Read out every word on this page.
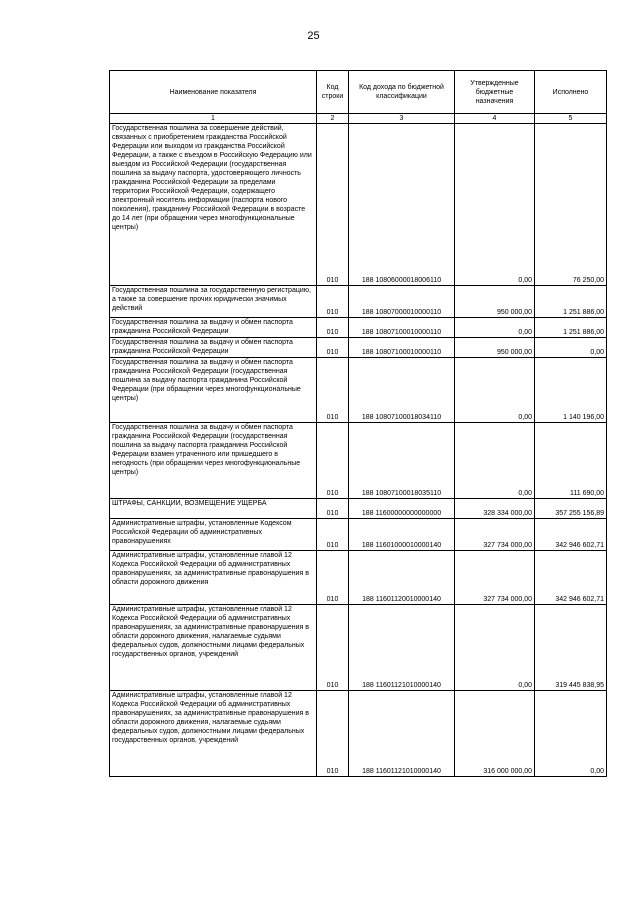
25
Наименование показателя	Код строки	Код дохода по бюджетной классификации	Утвержденные бюджетные назначения	Исполнено
1	2	3	4	5
Государственная пошлина за совершение действий, связанных с приобретением гражданства Российской Федерации или выходом из гражданства Российской Федерации, а также с въездом в Российскую Федерацию или выездом из Российской Федерации (государственная пошлина за выдачу паспорта, удостоверяющего личность гражданина Российской Федерации за пределами территории Российской Федерации, содержащего электронный носитель информации (паспорта нового поколения), гражданину Российской Федерации в возрасте до 14 лет (при обращении через многофункциональные центры)	010	188 10806000018006110	0,00	76 250,00
Государственная пошлина за государственную регистрацию, а также за совершение прочих юридически значимых действий	010	188 10807000010000110	950 000,00	1 251 886,00
Государственная пошлина за выдачу и обмен паспорта гражданина Российской Федерации	010	188 10807100010000110	0,00	1 251 886,00
Государственная пошлина за выдачу и обмен паспорта гражданина Российской Федерации	010	188 10807100010000110	950 000,00	0,00
Государственная пошлина за выдачу и обмен паспорта гражданина Российской Федерации (государственная пошлина за выдачу паспорта гражданина Российской Федерации (при обращении через многофункциональные центры)	010	188 10807100018034110	0,00	1 140 196,00
Государственная пошлина за выдачу и обмен паспорта гражданина Российской Федерации (государственная пошлина за выдачу паспорта гражданина Российской Федерации взамен утраченного или пришедшего в негодность (при обращении через многофункциональные центры)	010	188 10807100018035110	0,00	111 690,00
ШТРАФЫ, САНКЦИИ, ВОЗМЕЩЕНИЕ УЩЕРБА	010	188 11600000000000000	328 334 000,00	357 255 156,89
Административные штрафы, установленные Кодексом Российской Федерации об административных правонарушениях	010	188 11601000010000140	327 734 000,00	342 946 602,71
Административные штрафы, установленные главой 12 Кодекса Российской Федерации об административных правонарушениях, за административные правонарушения в области дорожного движения	010	188 11601120010000140	327 734 000,00	342 946 602,71
Административные штрафы, установленные главой 12 Кодекса Российской Федерации об административных правонарушениях, за административные правонарушения в области дорожного движения, налагаемые судьями федеральных судов, должностными лицами федеральных государственных органов, учреждений	010	188 11601121010000140	0,00	319 445 838,95
Административные штрафы, установленные главой 12 Кодекса Российской Федерации об административных правонарушениях, за административные правонарушения в области дорожного движения, налагаемые судьями федеральных судов, должностными лицами федеральных государственных органов, учреждений	010	188 11601121010000140	316 000 000,00	0,00
